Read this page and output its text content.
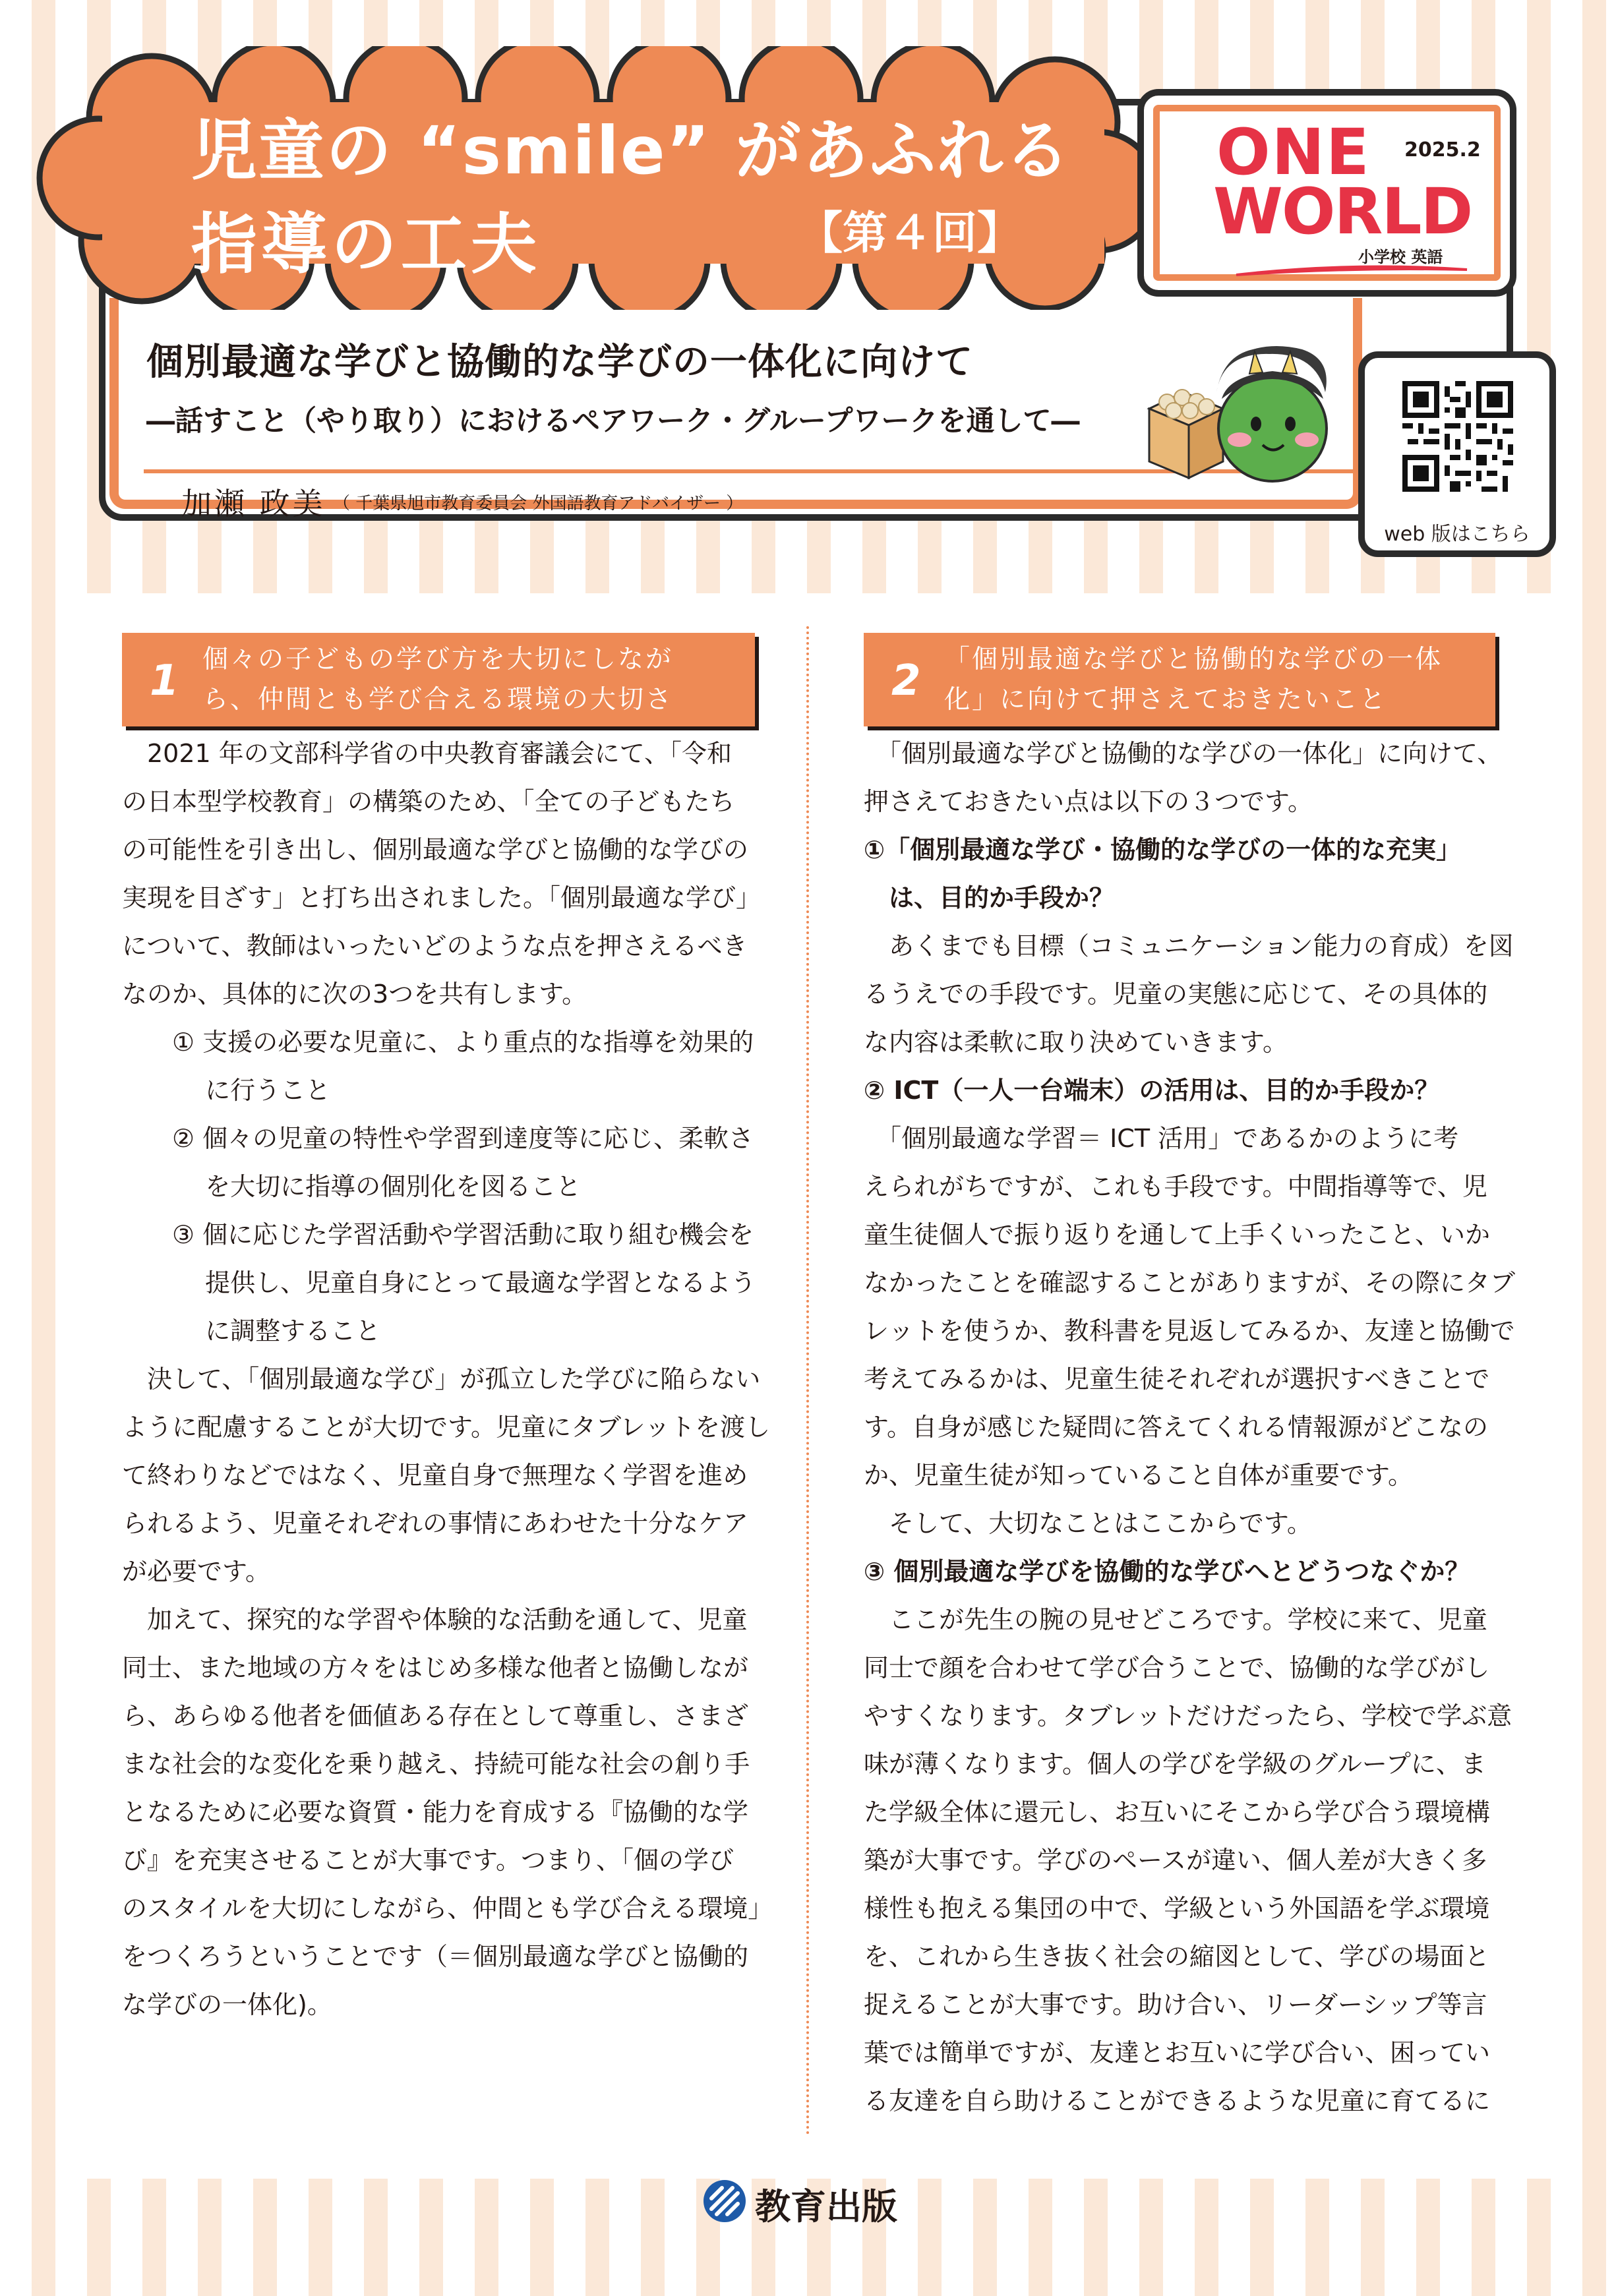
児童の “smile” があふれる
指導の工夫	【第４回】
ONE
WORLD
2025.2
小学校 英語
個別最適な学びと協働的な学びの一体化に向けて
―話すこと（やり取り）におけるペアワーク・グループワークを通して―
加瀬 政美 （ 千葉県旭市教育委員会 外国語教育アドバイザー ）
web 版はこちら
1 個々の子どもの学び方を大切にしなが
ら、仲間とも学び合える環境の大切さ
　2021 年の文部科学省の中央教育審議会にて、「令和
の日本型学校教育」の構築のため、「全ての子どもたち
の可能性を引き出し、個別最適な学びと協働的な学びの
実現を目ざす」と打ち出されました。「個別最適な学び」
について、教師はいったいどのような点を押さえるべき
なのか、具体的に次の3つを共有します。
　　① 支援の必要な児童に、より重点的な指導を効果的
　　　 に行うこと
　　② 個々の児童の特性や学習到達度等に応じ、柔軟さ
　　　 を大切に指導の個別化を図ること
　　③ 個に応じた学習活動や学習活動に取り組む機会を
　　　 提供し、児童自身にとって最適な学習となるよう
　　　 に調整すること
　決して、「個別最適な学び」が孤立した学びに陥らない
ように配慮することが大切です。児童にタブレットを渡し
て終わりなどではなく、児童自身で無理なく学習を進め
られるよう、児童それぞれの事情にあわせた十分なケア
が必要です。
　加えて、探究的な学習や体験的な活動を通して、児童
同士、また地域の方々をはじめ多様な他者と協働しなが
ら、あらゆる他者を価値ある存在として尊重し、さまざ
まな社会的な変化を乗り越え、持続可能な社会の創り手
となるために必要な資質・能力を育成する『協働的な学
び』を充実させることが大事です。つまり、「個の学び
のスタイルを大切にしながら、仲間とも学び合える環境」
をつくろうということです（＝個別最適な学びと協働的
な学びの一体化)。
2 「個別最適な学びと協働的な学びの一体
化」に向けて押さえておきたいこと
　「個別最適な学びと協働的な学びの一体化」に向けて、
押さえておきたい点は以下の３つです。
①「個別最適な学び・協働的な学びの一体的な充実」
　は、目的か手段か？
　あくまでも目標（コミュニケーション能力の育成）を図
るうえでの手段です。児童の実態に応じて、その具体的
な内容は柔軟に取り決めていきます。
② ICT（一人一台端末）の活用は、目的か手段か？
　「個別最適な学習＝ ICT 活用」であるかのように考
えられがちですが、これも手段です。中間指導等で、児
童生徒個人で振り返りを通して上手くいったこと、いか
なかったことを確認することがありますが、その際にタブ
レットを使うか、教科書を見返してみるか、友達と協働で
考えてみるかは、児童生徒それぞれが選択すべきことで
す。自身が感じた疑問に答えてくれる情報源がどこなの
か、児童生徒が知っていること自体が重要です。
　そして、大切なことはここからです。
③ 個別最適な学びを協働的な学びへとどうつなぐか？
　ここが先生の腕の見せどころです。学校に来て、児童
同士で顔を合わせて学び合うことで、協働的な学びがし
やすくなります。タブレットだけだったら、学校で学ぶ意
味が薄くなります。個人の学びを学級のグループに、ま
た学級全体に還元し、お互いにそこから学び合う環境構
築が大事です。学びのペースが違い、個人差が大きく多
様性も抱える集団の中で、学級という外国語を学ぶ環境
を、これから生き抜く社会の縮図として、学びの場面と
捉えることが大事です。助け合い、リーダーシップ等言
葉では簡単ですが、友達とお互いに学び合い、困ってい
る友達を自ら助けることができるような児童に育てるに
教育出版
